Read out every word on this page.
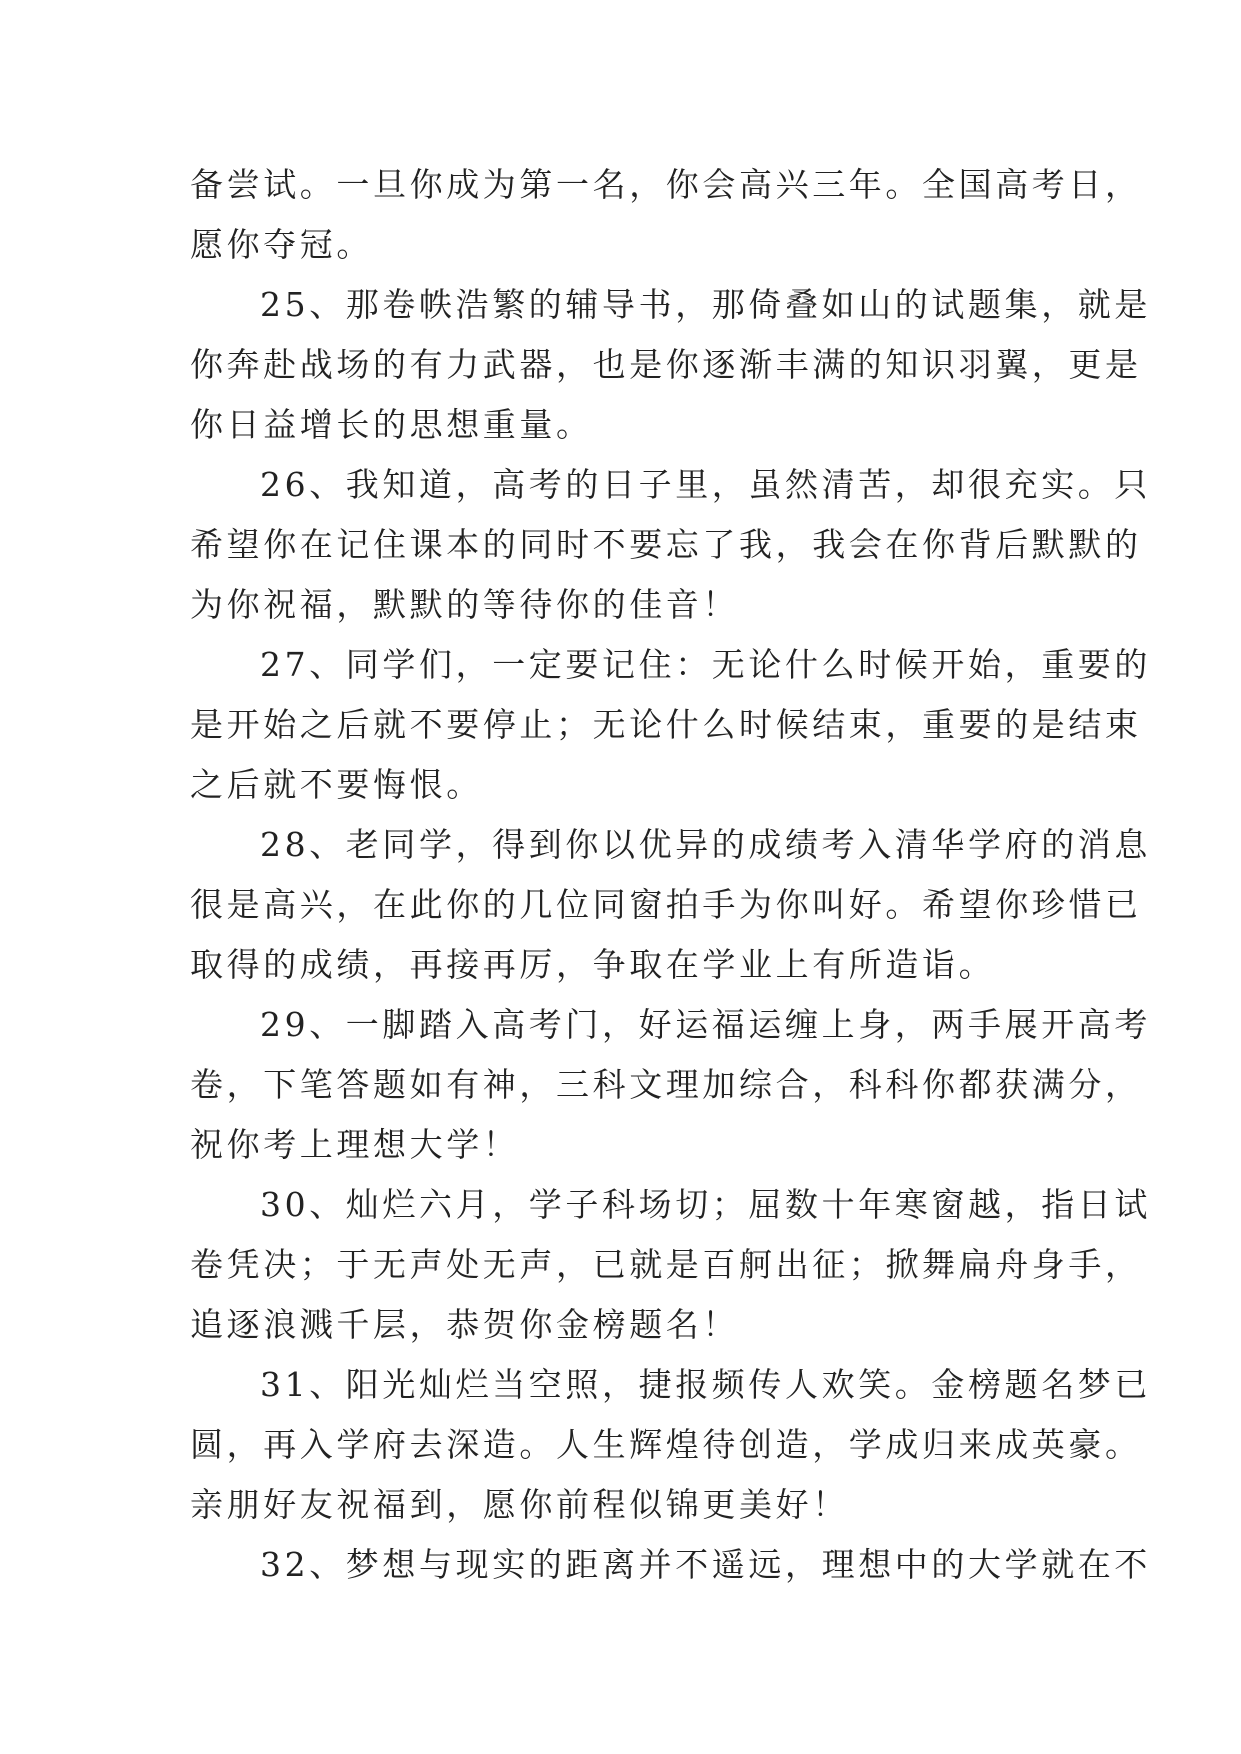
备尝试。一旦你成为第一名，你会高兴三年。全国高考日，
愿你夺冠。
25、那卷帙浩繁的辅导书，那倚叠如山的试题集，就是
你奔赴战场的有力武器，也是你逐渐丰满的知识羽翼，更是
你日益增长的思想重量。
26、我知道，高考的日子里，虽然清苦，却很充实。只
希望你在记住课本的同时不要忘了我，我会在你背后默默的
为你祝福，默默的等待你的佳音！
27、同学们，一定要记住：无论什么时候开始，重要的
是开始之后就不要停止；无论什么时候结束，重要的是结束
之后就不要悔恨。
28、老同学，得到你以优异的成绩考入清华学府的消息
很是高兴，在此你的几位同窗拍手为你叫好。希望你珍惜已
取得的成绩，再接再厉，争取在学业上有所造诣。
29、一脚踏入高考门，好运福运缠上身，两手展开高考
卷，下笔答题如有神，三科文理加综合，科科你都获满分，
祝你考上理想大学！
30、灿烂六月，学子科场切；屈数十年寒窗越，指日试
卷凭决；于无声处无声，已就是百舸出征；掀舞扁舟身手，
追逐浪溅千层，恭贺你金榜题名！
31、阳光灿烂当空照，捷报频传人欢笑。金榜题名梦已
圆，再入学府去深造。人生辉煌待创造，学成归来成英豪。
亲朋好友祝福到，愿你前程似锦更美好！
32、梦想与现实的距离并不遥远，理想中的大学就在不
